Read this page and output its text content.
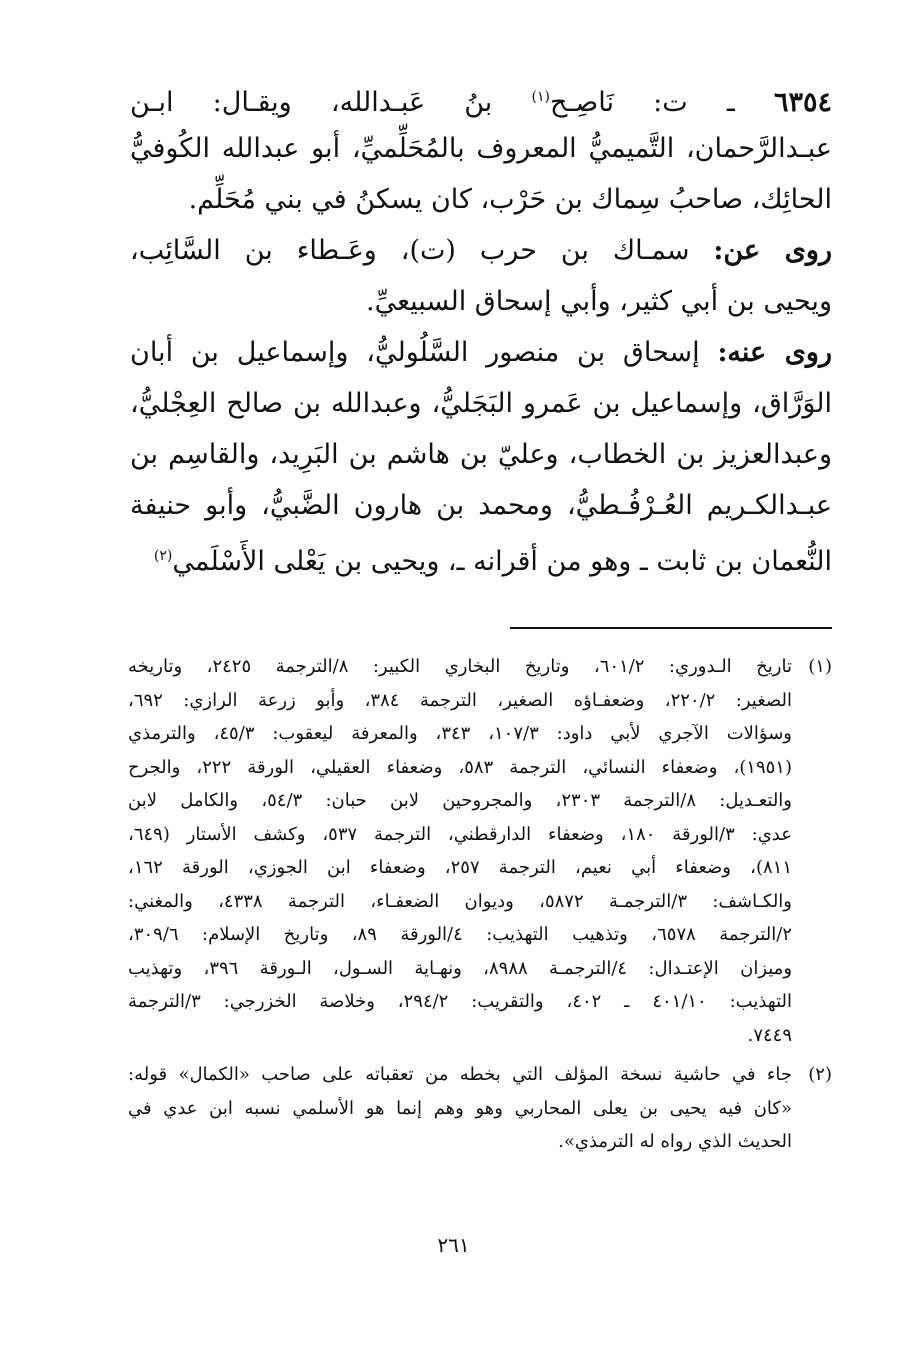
٦٣٥٤ ـ ت: نَاصِـح$^{(١)}$ بنُ عَبـدالله، ويقـال: ابـن
عبـدالرَّحمان، التَّميميُّ المعروف بالمُحَلِّميِّ، أبو عبدالله الكُوفيُّ
الحائِك، صاحبُ سِماك بن حَرْب، كان يسكنُ في بني مُحَلِّم.
روى عن: سمـاك بن حرب (ت)، وعَـطاء بن السَّائِب،
ويحيى بن أبي كثير، وأبي إسحاق السبيعيِّ.
روى عنه: إسحاق بن منصور السَّلُوليُّ، وإسماعيل بن أبان
الوَرَّاق، وإسماعيل بن عَمرو البَجَليُّ، وعبدالله بن صالح العِجْليُّ،
وعبدالعزيز بن الخطاب، وعليّ بن هاشم بن البَرِيد، والقاسِم بن
عبـدالكـريم العُـرْفُـطيُّ، ومحمد بن هارون الضَّبيُّ، وأبو حنيفة
النُّعمان بن ثابت ـ وهو من أقرانه ـ، ويحيى بن يَعْلى الأَسْلَمي$^{(٢)}$
(١)
تاريخ الـدوري: ٦٠١/٢، وتاريخ البخاري الكبير: ٨/الترجمة ٢٤٢٥، وتاريخه
الصغير: ٢٢٠/٢، وضعفـاؤه الصغير، الترجمة ٣٨٤، وأبو زرعة الرازي: ٦٩٢،
وسؤالات الآجري لأبي داود: ١٠٧/٣، ٣٤٣، والمعرفة ليعقوب: ٤٥/٣، والترمذي
(١٩٥١)، وضعفاء النسائي، الترجمة ٥٨٣، وضعفاء العقيلي، الورقة ٢٢٢، والجرح
والتعـديل: ٨/الترجمة ٢٣٠٣، والمجروحين لابن حبان: ٥٤/٣، والكامل لابن
عدي: ٣/الورقة ١٨٠، وضعفاء الدارقطني، الترجمة ٥٣٧، وكشف الأستار (٦٤٩،
٨١١)، وضعفاء أبي نعيم، الترجمة ٢٥٧، وضعفاء ابن الجوزي، الورقة ١٦٢،
والكـاشف: ٣/الترجمـة ٥٨٧٢، وديوان الضعفـاء، الترجمة ٤٣٣٨، والمغني:
٢/الترجمة ٦٥٧٨، وتذهيب التهذيب: ٤/الورقة ٨٩، وتاريخ الإسلام: ٣٠٩/٦،
وميزان الإعتـدال: ٤/الترجمـة ٨٩٨٨، ونهـاية السـول، الـورقة ٣٩٦، وتهذيب
التهذيب: ٤٠١/١٠ ـ ٤٠٢، والتقريب: ٢٩٤/٢، وخلاصة الخزرجي: ٣/الترجمة
٧٤٤٩.
(٢)
جاء في حاشية نسخة المؤلف التي بخطه من تعقباته على صاحب «الكمال» قوله:
«كان فيه يحيى بن يعلى المحاربي وهو وهم إنما هو الأسلمي نسبه ابن عدي في
الحديث الذي رواه له الترمذي».
٢٦١
